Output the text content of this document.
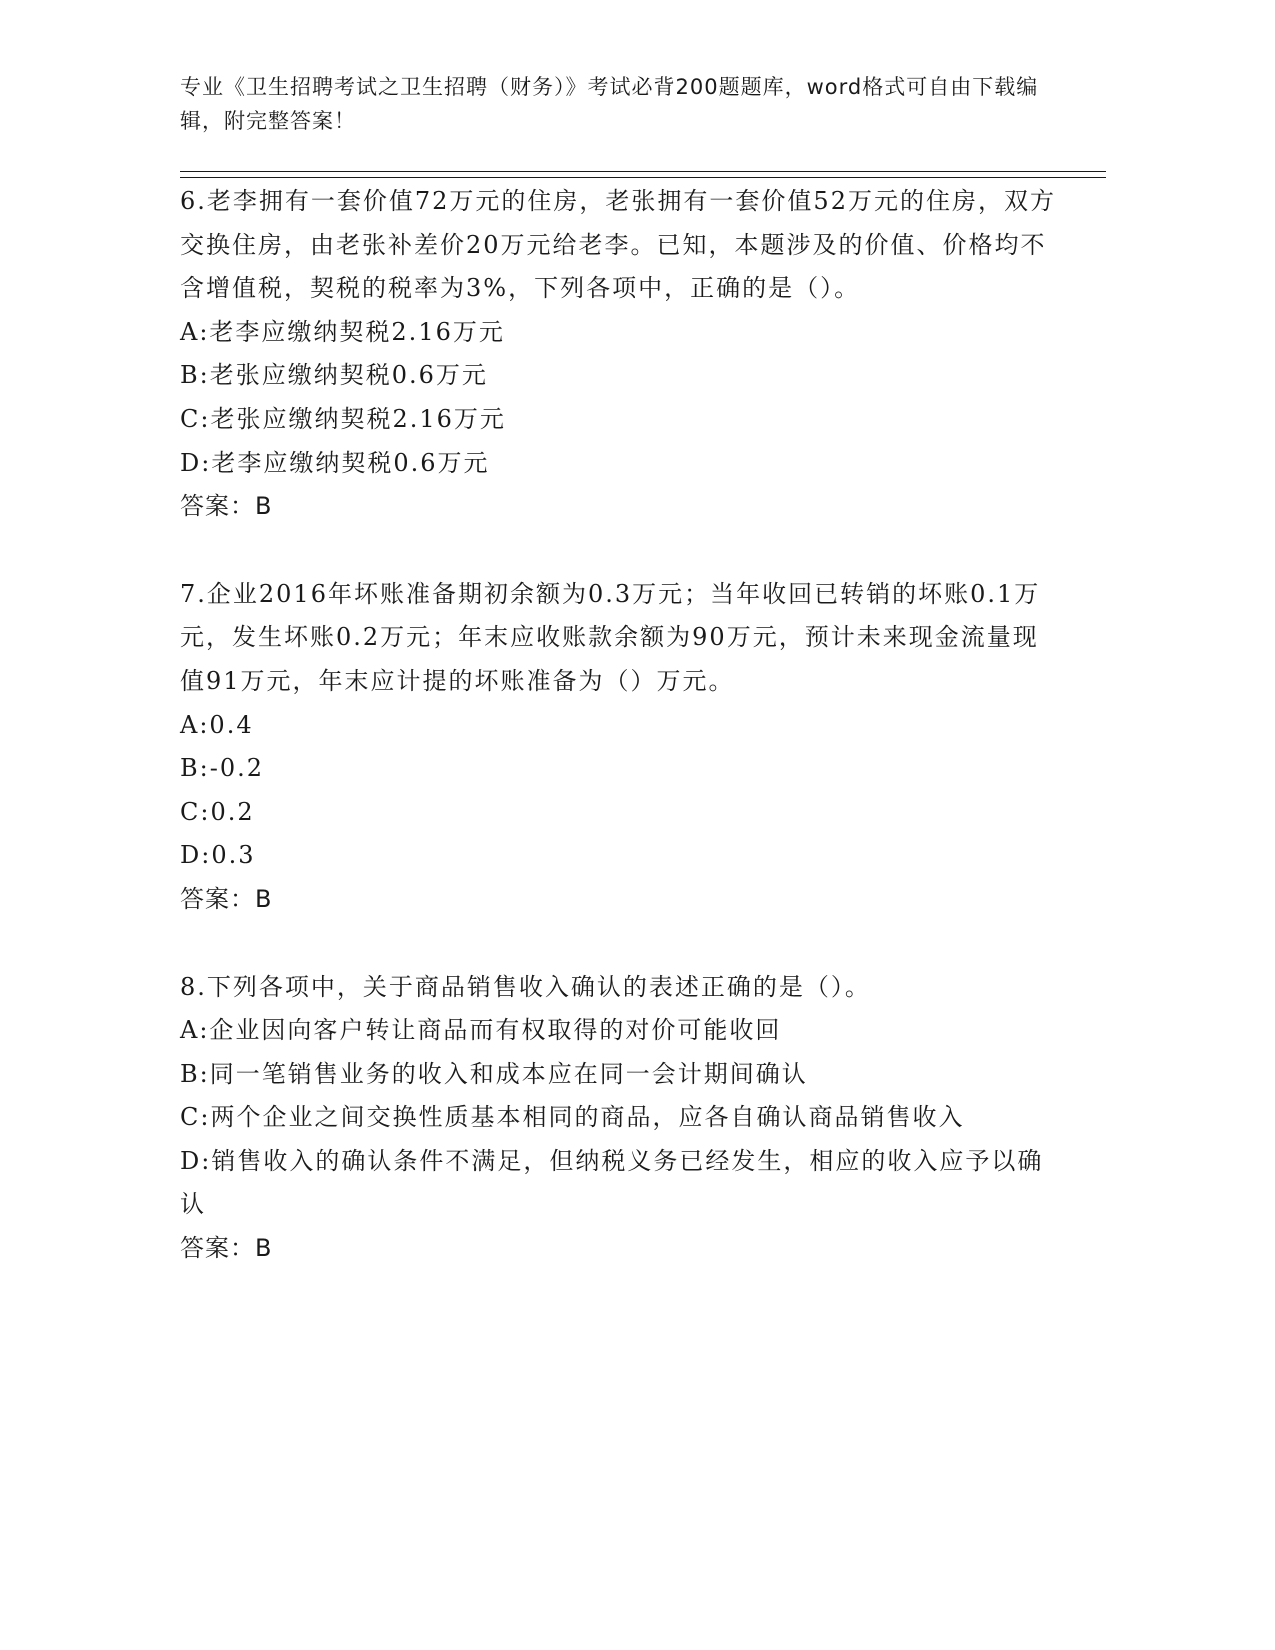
专业《卫生招聘考试之卫生招聘（财务）》考试必背200题题库，word格式可自由下载编辑，附完整答案！

6.老李拥有一套价值72万元的住房，老张拥有一套价值52万元的住房，双方交换住房，由老张补差价20万元给老李。已知，本题涉及的价值、价格均不含增值税，契税的税率为3%，下列各项中，正确的是（）。

A:老李应缴纳契税2.16万元

B:老张应缴纳契税0.6万元

C:老张应缴纳契税2.16万元

D:老李应缴纳契税0.6万元

答案：B

7.企业2016年坏账准备期初余额为0.3万元；当年收回已转销的坏账0.1万元，发生坏账0.2万元；年末应收账款余额为90万元，预计未来现金流量现值91万元，年末应计提的坏账准备为（）万元。

A:0.4

B:-0.2

C:0.2

D:0.3

答案：B

8.下列各项中，关于商品销售收入确认的表述正确的是（）。

A:企业因向客户转让商品而有权取得的对价可能收回

B:同一笔销售业务的收入和成本应在同一会计期间确认

C:两个企业之间交换性质基本相同的商品，应各自确认商品销售收入

D:销售收入的确认条件不满足，但纳税义务已经发生，相应的收入应予以确认

答案：B
